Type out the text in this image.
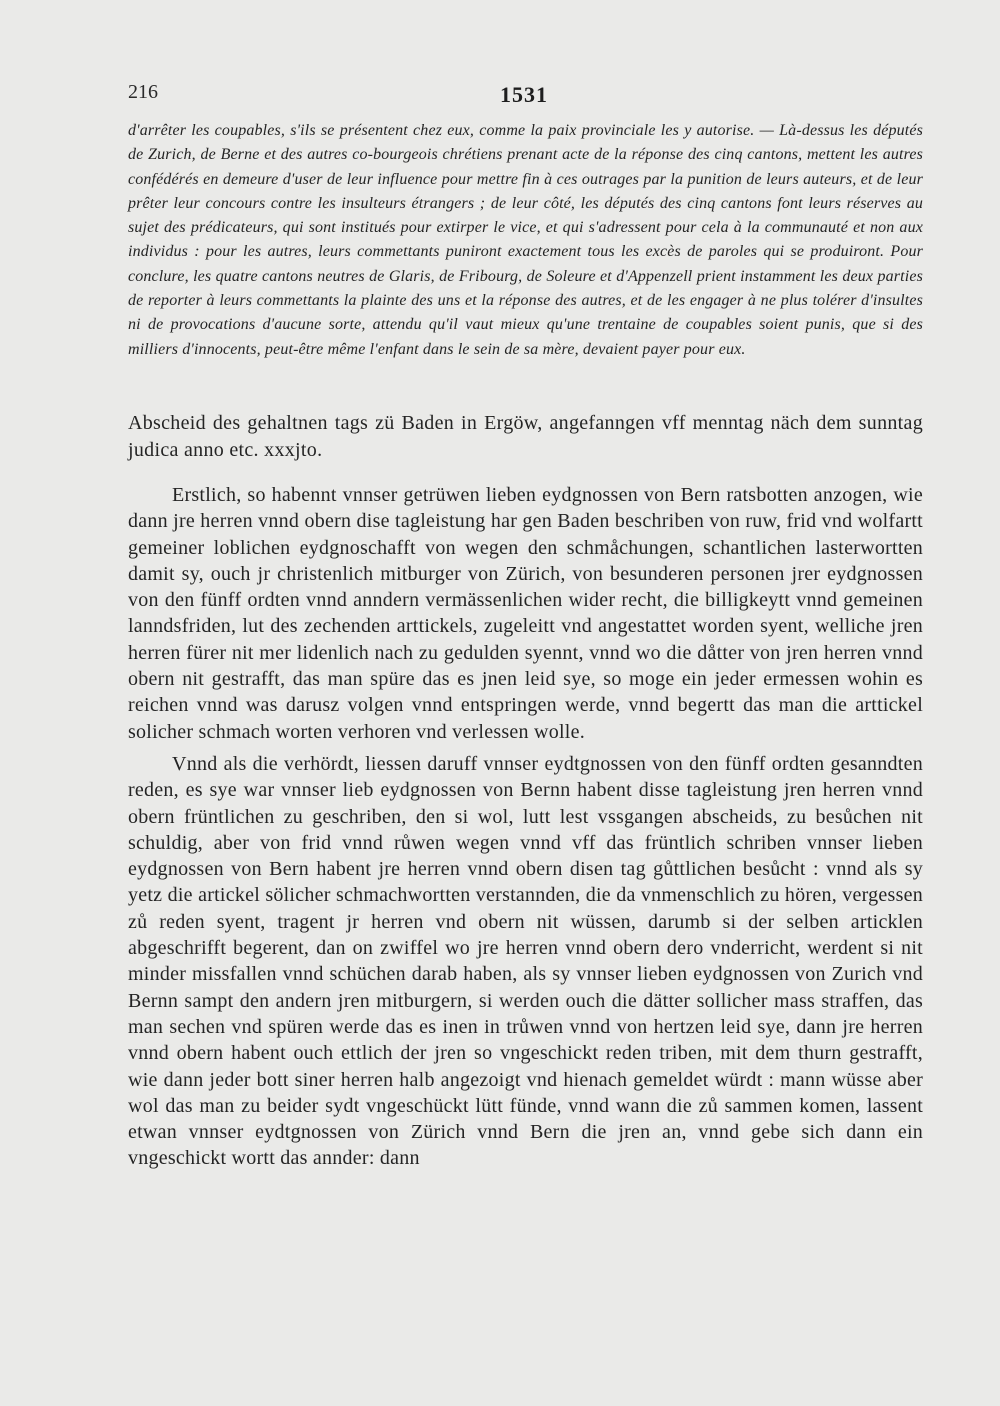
216	1531
d'arrêter les coupables, s'ils se présentent chez eux, comme la paix provinciale les y autorise. — Là-dessus les députés de Zurich, de Berne et des autres co-bourgeois chrétiens prenant acte de la réponse des cinq cantons, mettent les autres confédérés en demeure d'user de leur influence pour mettre fin à ces outrages par la punition de leurs auteurs, et de leur prêter leur concours contre les insulteurs étrangers ; de leur côté, les députés des cinq cantons font leurs réserves au sujet des prédicateurs, qui sont institués pour extirper le vice, et qui s'adressent pour cela à la communauté et non aux individus : pour les autres, leurs commettants puniront exactement tous les excès de paroles qui se produiront. Pour conclure, les quatre cantons neutres de Glaris, de Fribourg, de Soleure et d'Appenzell prient instamment les deux parties de reporter à leurs commettants la plainte des uns et la réponse des autres, et de les engager à ne plus tolérer d'insultes ni de provocations d'aucune sorte, attendu qu'il vaut mieux qu'une trentaine de coupables soient punis, que si des milliers d'innocents, peut-être même l'enfant dans le sein de sa mère, devaient payer pour eux.
Abscheid des gehaltnen tags zü Baden in Ergöw, angefanngen vff menntag näch dem sunntag judica anno etc. xxxjto.

Erstlich, so habennt vnnser getrüwen lieben eydgnossen von Bern ratsbotten anzogen, wie dann jre herren vnnd obern dise tagleistung har gen Baden beschriben von ruw, frid vnd wolfartt gemeiner loblichen eydgnoschafft von wegen den schmåchungen, schantlichen lasterwortten damit sy, ouch jr christenlich mitburger von Zürich, von besunderen personen jrer eydgnossen von den fünff ordten vnnd anndern vermässenlichen wider recht, die billigkeytt vnnd gemeinen lanndsfriden, lut des zechenden arttickels, zugeleitt vnd angestattet worden syent, welliche jren herren fürer nit mer lidenlich nach zu gedulden syennt, vnnd wo die dåtter von jren herren vnnd obern nit gestrafft, das man spüre das es jnen leid sye, so moge ein jeder ermessen wohin es reichen vnnd was darusz volgen vnnd entspringen werde, vnnd begertt das man die arttickel solicher schmach worten verhoren vnd verlessen wolle.

Vnnd als die verhördt, liessen daruff vnnser eydtgnossen von den fünff ordten gesanndten reden, es sye war vnnser lieb eydgnossen von Bernn habent disse tagleistung jren herren vnnd obern früntlichen zu geschriben, den si wol, lutt lest vssgangen abscheids, zu besůchen nit schuldig, aber von frid vnnd růwen wegen vnnd vff das früntlich schriben vnnser lieben eydgnossen von Bern habent jre herren vnnd obern disen tag gůttlichen besůcht : vnnd als sy yetz die artickel sölicher schmachwortten verstannden, die da vnmenschlich zu hören, vergessen zů reden syent, tragent jr herren vnd obern nit wüssen, darumb si der selben articklen abgeschrifft begerent, dan on zwiffel wo jre herren vnnd obern dero vnderricht, werdent si nit minder missfallen vnnd schüchen darab haben, als sy vnnser lieben eydgnossen von Zurich vnd Bernn sampt den andern jren mitburgern, si werden ouch die dätter sollicher mass straffen, das man sechen vnd spüren werde das es inen in trůwen vnnd von hertzen leid sye, dann jre herren vnnd obern habent ouch ettlich der jren so vngeschickt reden triben, mit dem thurn gestrafft, wie dann jeder bott siner herren halb angezoigt vnd hienach gemeldet würdt : mann wüsse aber wol das man zu beider sydt vngeschückt lütt fünde, vnnd wann die zů sammen komen, lassent etwan vnnser eydtgnossen von Zürich vnnd Bern die jren an, vnnd gebe sich dann ein vngeschickt wortt das annder: dann
